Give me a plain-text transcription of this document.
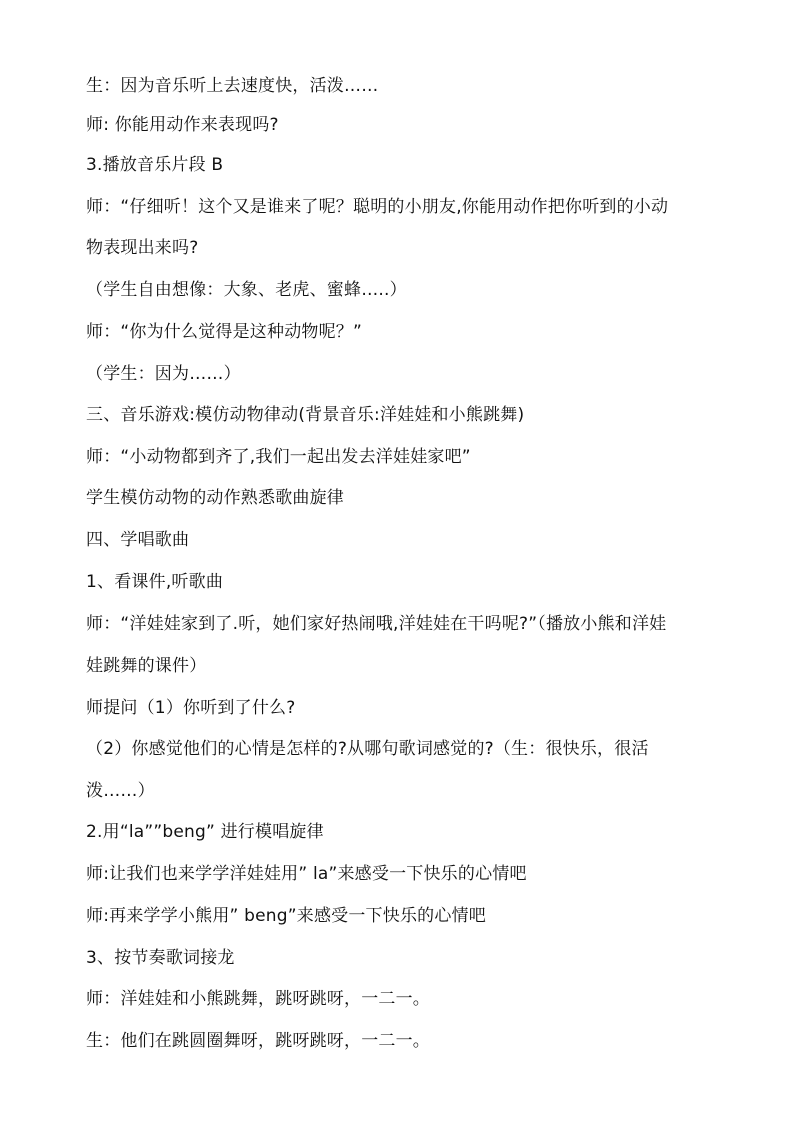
生：因为音乐听上去速度快，活泼……
师: 你能用动作来表现吗?
3.播放音乐片段 B
师：“仔细听！这个又是谁来了呢？聪明的小朋友,你能用动作把你听到的小动
物表现出来吗?
（学生自由想像：大象、老虎、蜜蜂…..）
师：“你为什么觉得是这种动物呢？”
（学生：因为……）
三、音乐游戏:模仿动物律动(背景音乐:洋娃娃和小熊跳舞)
师：“小动物都到齐了,我们一起出发去洋娃娃家吧”
学生模仿动物的动作熟悉歌曲旋律
四、学唱歌曲
1、看课件,听歌曲
师：“洋娃娃家到了.听，她们家好热闹哦,洋娃娃在干吗呢?”（播放小熊和洋娃
娃跳舞的课件）
师提问（1）你听到了什么?
（2）你感觉他们的心情是怎样的?从哪句歌词感觉的?（生：很快乐，很活
泼……）
2.用“la””beng” 进行模唱旋律
师:让我们也来学学洋娃娃用” la”来感受一下快乐的心情吧
师:再来学学小熊用” beng”来感受一下快乐的心情吧
3、按节奏歌词接龙
师：洋娃娃和小熊跳舞，跳呀跳呀，一二一。
生：他们在跳圆圈舞呀，跳呀跳呀，一二一。
